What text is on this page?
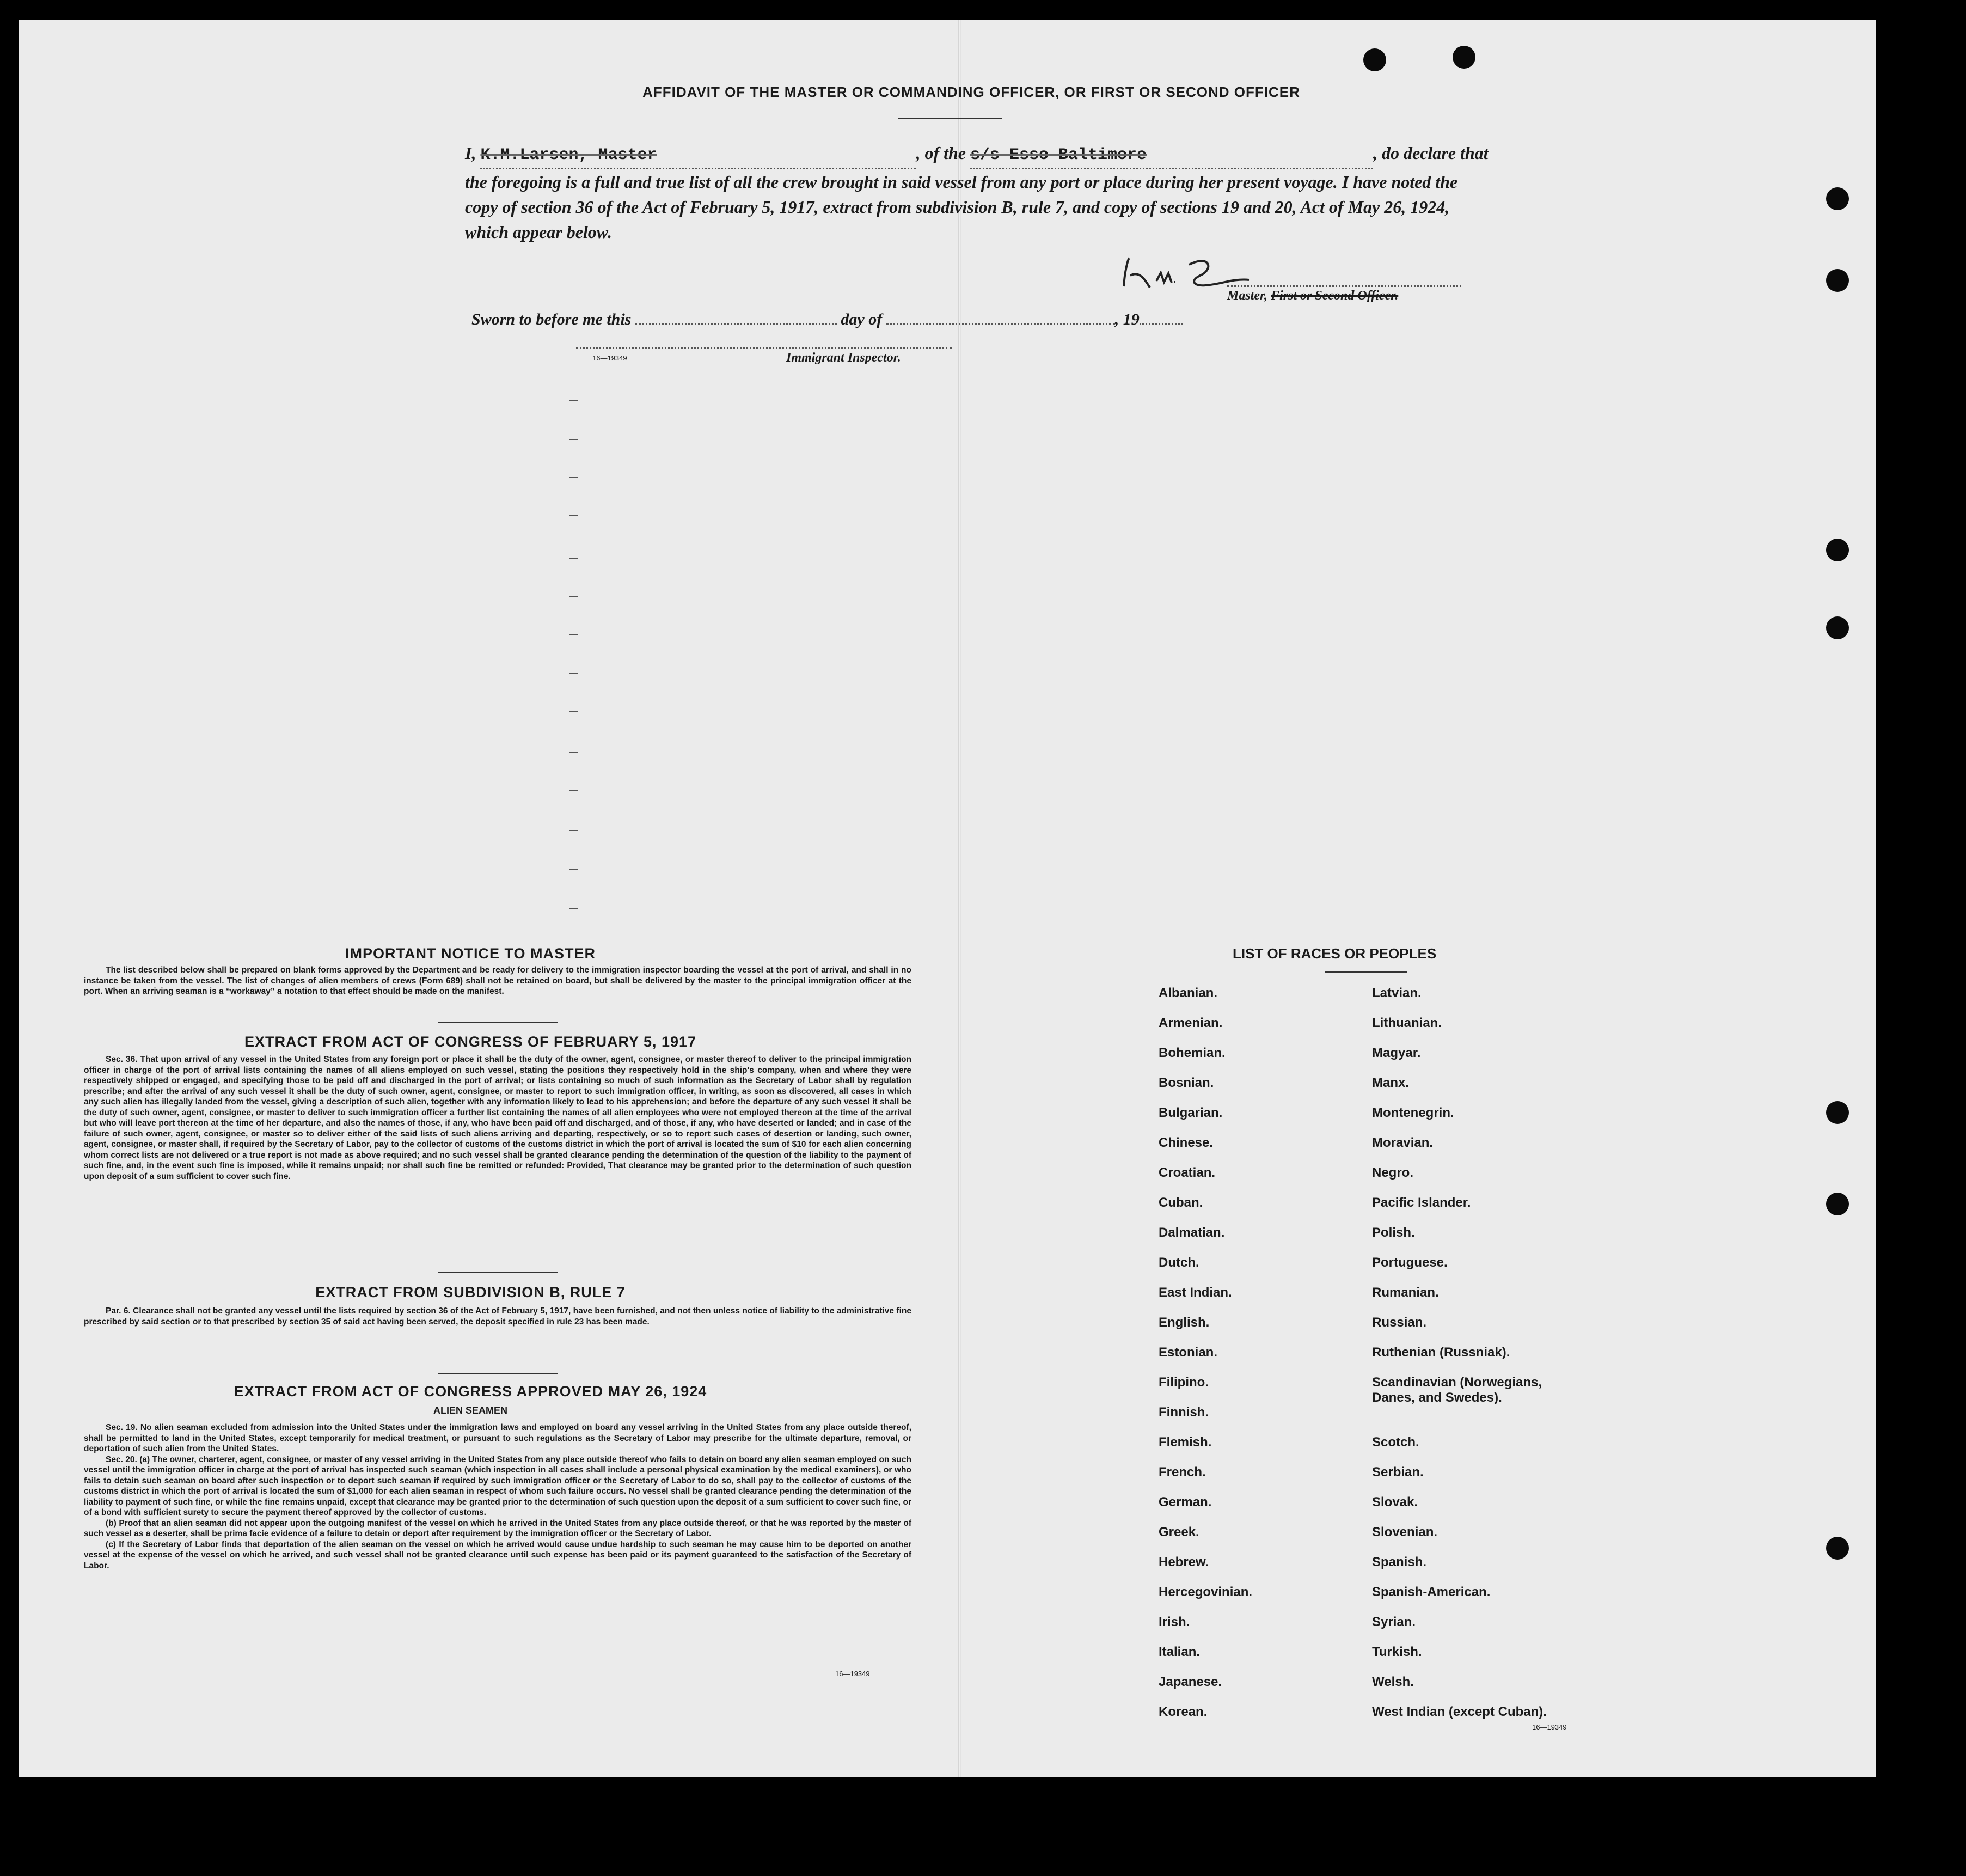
AFFIDAVIT OF THE MASTER OR COMMANDING OFFICER, OR FIRST OR SECOND OFFICER
I, K.M.Larsen, Master	, of the s/s Esso Baltimore	, do declare that the foregoing is a full and true list of all the crew brought in said vessel from any port or place during her present voyage. I have noted the copy of section 36 of the Act of February 5, 1917, extract from subdivision B, rule 7, and copy of sections 19 and 20, Act of May 26, 1924, which appear below.
Master, First or Second Officer.
Sworn to before me this	day of	, 19
16—19349	Immigrant Inspector.
IMPORTANT NOTICE TO MASTER

The list described below shall be prepared on blank forms approved by the Department and be ready for delivery to the immigration inspector boarding the vessel at the port of arrival, and shall in no instance be taken from the vessel. The list of changes of alien members of crews (Form 689) shall not be retained on board, but shall be delivered by the master to the principal immigration officer at the port. When an arriving seaman is a “workaway” a notation to that effect should be made on the manifest.

EXTRACT FROM ACT OF CONGRESS OF FEBRUARY 5, 1917

Sec. 36. That upon arrival of any vessel in the United States from any foreign port or place it shall be the duty of the owner, agent, consignee, or master thereof to deliver to the principal immigration officer in charge of the port of arrival lists containing the names of all aliens employed on such vessel, stating the positions they respectively hold in the ship's company, when and where they were respectively shipped or engaged, and specifying those to be paid off and discharged in the port of arrival; or lists containing so much of such information as the Secretary of Labor shall by regulation prescribe; and after the arrival of any such vessel it shall be the duty of such owner, agent, consignee, or master to report to such immigration officer, in writing, as soon as discovered, all cases in which any such alien has illegally landed from the vessel, giving a description of such alien, together with any information likely to lead to his apprehension; and before the departure of any such vessel it shall be the duty of such owner, agent, consignee, or master to deliver to such immigration officer a further list containing the names of all alien employees who were not employed thereon at the time of the arrival but who will leave port thereon at the time of her departure, and also the names of those, if any, who have been paid off and discharged, and of those, if any, who have deserted or landed; and in case of the failure of such owner, agent, consignee, or master so to deliver either of the said lists of such aliens arriving and departing, respectively, or so to report such cases of desertion or landing, such owner, agent, consignee, or master shall, if required by the Secretary of Labor, pay to the collector of customs of the customs district in which the port of arrival is located the sum of $10 for each alien concerning whom correct lists are not delivered or a true report is not made as above required; and no such vessel shall be granted clearance pending the determination of the question of the liability to the payment of such fine, and, in the event such fine is imposed, while it remains unpaid; nor shall such fine be remitted or refunded: Provided, That clearance may be granted prior to the determination of such question upon deposit of a sum sufficient to cover such fine.

EXTRACT FROM SUBDIVISION B, RULE 7

Par. 6. Clearance shall not be granted any vessel until the lists required by section 36 of the Act of February 5, 1917, have been furnished, and not then unless notice of liability to the administrative fine prescribed by said section or to that prescribed by section 35 of said act having been served, the deposit specified in rule 23 has been made.

EXTRACT FROM ACT OF CONGRESS APPROVED MAY 26, 1924
ALIEN SEAMEN

Sec. 19. No alien seaman excluded from admission into the United States under the immigration laws and employed on board any vessel arriving in the United States from any place outside thereof, shall be permitted to land in the United States, except temporarily for medical treatment, or pursuant to such regulations as the Secretary of Labor may prescribe for the ultimate departure, removal, or deportation of such alien from the United States.

Sec. 20. (a) The owner, charterer, agent, consignee, or master of any vessel arriving in the United States from any place outside thereof who fails to detain on board any alien seaman employed on such vessel until the immigration officer in charge at the port of arrival has inspected such seaman (which inspection in all cases shall include a personal physical examination by the medical examiners), or who fails to detain such seaman on board after such inspection or to deport such seaman if required by such immigration officer or the Secretary of Labor to do so, shall pay to the collector of customs of the customs district in which the port of arrival is located the sum of $1,000 for each alien seaman in respect of whom such failure occurs. No vessel shall be granted clearance pending the determination of the liability to payment of such fine, or while the fine remains unpaid, except that clearance may be granted prior to the determination of such question upon the deposit of a sum sufficient to cover such fine, or of a bond with sufficient surety to secure the payment thereof approved by the collector of customs.

(b) Proof that an alien seaman did not appear upon the outgoing manifest of the vessel on which he arrived in the United States from any place outside thereof, or that he was reported by the master of such vessel as a deserter, shall be prima facie evidence of a failure to detain or deport after requirement by the immigration officer or the Secretary of Labor.

(c) If the Secretary of Labor finds that deportation of the alien seaman on the vessel on which he arrived would cause undue hardship to such seaman he may cause him to be deported on another vessel at the expense of the vessel on which he arrived, and such vessel shall not be granted clearance until such expense has been paid or its payment guaranteed to the satisfaction of the Secretary of Labor.

16—19349
LIST OF RACES OR PEOPLES
Albanian.
Armenian.
Bohemian.
Bosnian.
Bulgarian.
Chinese.
Croatian.
Cuban.
Dalmatian.
Dutch.
East Indian.
English.
Estonian.
Filipino.
Finnish.
Flemish.
French.
German.
Greek.
Hebrew.
Hercegovinian.
Irish.
Italian.
Japanese.
Korean.
Latvian.
Lithuanian.
Magyar.
Manx.
Montenegrin.
Moravian.
Negro.
Pacific Islander.
Polish.
Portuguese.
Rumanian.
Russian.
Ruthenian (Russniak).
Scandinavian (Norwegians, Danes, and Swedes).
Scotch.
Serbian.
Slovak.
Slovenian.
Spanish.
Spanish-American.
Syrian.
Turkish.
Welsh.
West Indian (except Cuban).
16—19349
